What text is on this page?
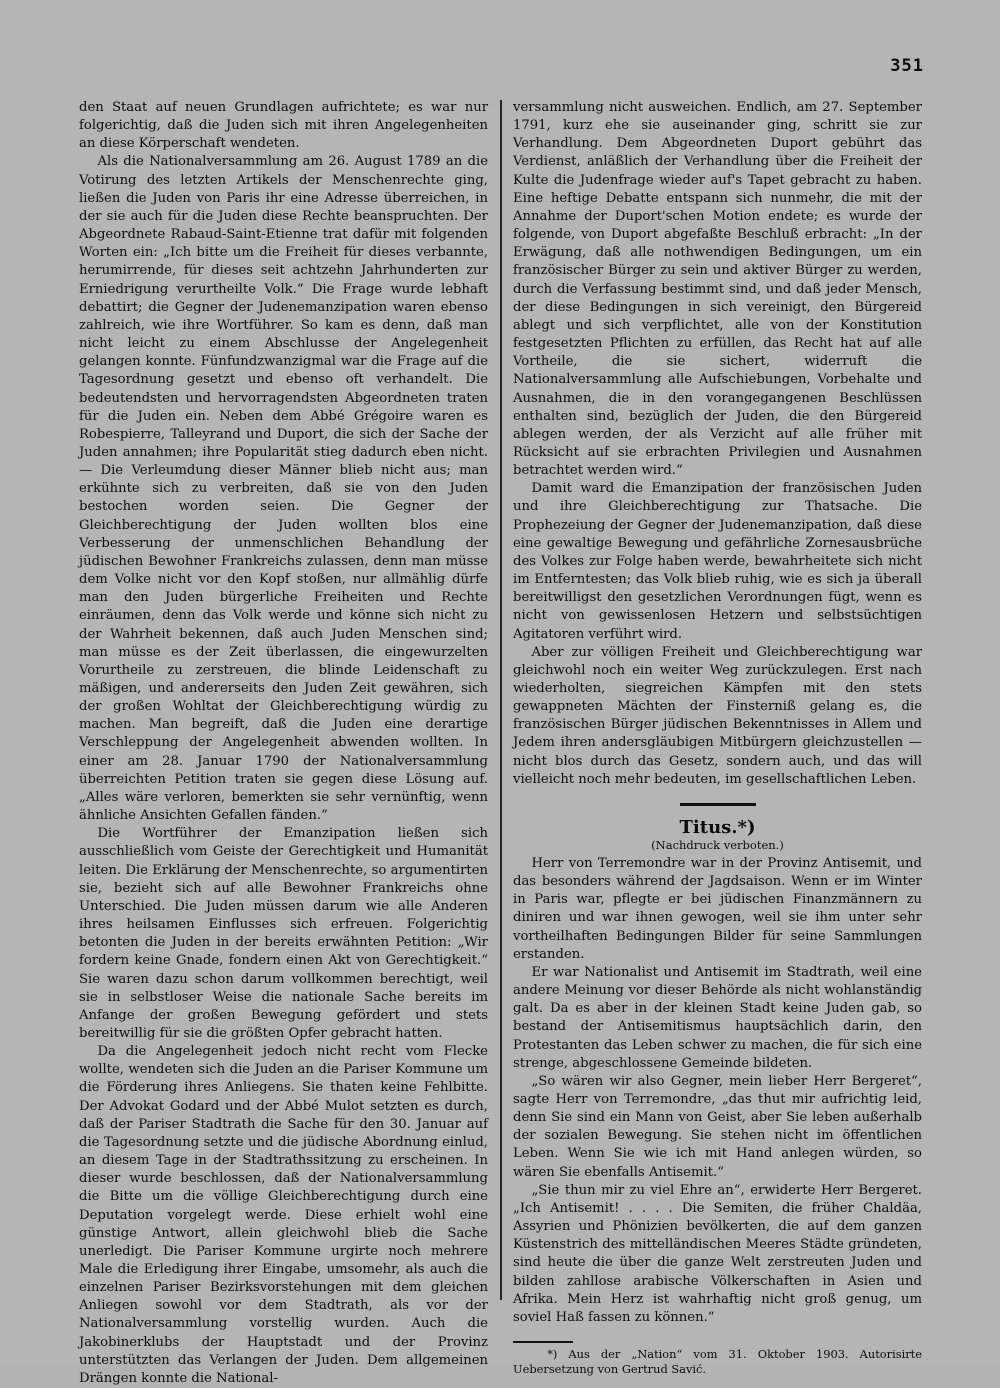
351

den Staat auf neuen Grundlagen aufrichtete; es war nur folgerichtig, daß die Juden sich mit ihren Angelegenheiten an diese Körperschaft wendeten.

Als die Nationalversammlung am 26. August 1789 an die Votirung des letzten Artikels der Menschenrechte ging, ließen die Juden von Paris ihr eine Adresse überreichen, in der sie auch für die Juden diese Rechte beanspruchten. Der Abgeordnete Rabaud-Saint-Etienne trat dafür mit folgenden Worten ein: „Ich bitte um die Freiheit für dieses verbannte, herumirrende, für dieses seit achtzehn Jahrhunderten zur Erniedrigung verurtheilte Volk.“ Die Frage wurde lebhaft debattirt; die Gegner der Judenemanzipation waren ebenso zahlreich, wie ihre Wortführer. So kam es denn, daß man nicht leicht zu einem Abschlusse der Angelegenheit gelangen konnte. Fünfundzwanzigmal war die Frage auf die Tagesordnung gesetzt und ebenso oft verhandelt. Die bedeutendsten und hervorragendsten Abgeordneten traten für die Juden ein. Neben dem Abbé Grégoire waren es Robespierre, Talleyrand und Duport, die sich der Sache der Juden annahmen; ihre Popularität stieg dadurch eben nicht. — Die Verleumdung dieser Männer blieb nicht aus; man erkühnte sich zu verbreiten, daß sie von den Juden bestochen worden seien. Die Gegner der Gleichberechtigung der Juden wollten blos eine Verbesserung der unmenschlichen Behandlung der jüdischen Bewohner Frankreichs zulassen, denn man müsse dem Volke nicht vor den Kopf stoßen, nur allmählig dürfe man den Juden bürgerliche Freiheiten und Rechte einräumen, denn das Volk werde und könne sich nicht zu der Wahrheit bekennen, daß auch Juden Menschen sind; man müsse es der Zeit überlassen, die eingewurzelten Vorurtheile zu zerstreuen, die blinde Leidenschaft zu mäßigen, und andererseits den Juden Zeit gewähren, sich der großen Wohltat der Gleichberechtigung würdig zu machen. Man begreift, daß die Juden eine derartige Verschleppung der Angelegenheit abwenden wollten. In einer am 28. Januar 1790 der Nationalversammlung überreichten Petition traten sie gegen diese Lösung auf. „Alles wäre verloren, bemerkten sie sehr vernünftig, wenn ähnliche Ansichten Gefallen fänden.“

Die Wortführer der Emanzipation ließen sich ausschließlich vom Geiste der Gerechtigkeit und Humanität leiten. Die Erklärung der Menschenrechte, so argumentirten sie, bezieht sich auf alle Bewohner Frankreichs ohne Unterschied. Die Juden müssen darum wie alle Anderen ihres heilsamen Einflusses sich erfreuen. Folgerichtig betonten die Juden in der bereits erwähnten Petition: „Wir fordern keine Gnade, fondern einen Akt von Gerechtigkeit.“ Sie waren dazu schon darum vollkommen berechtigt, weil sie in selbstloser Weise die nationale Sache bereits im Anfange der großen Bewegung gefördert und stets bereitwillig für sie die größten Opfer gebracht hatten.

Da die Angelegenheit jedoch nicht recht vom Flecke wollte, wendeten sich die Juden an die Pariser Kommune um die Förderung ihres Anliegens. Sie thaten keine Fehlbitte. Der Advokat Godard und der Abbé Mulot setzten es durch, daß der Pariser Stadtrath die Sache für den 30. Januar auf die Tagesordnung setzte und die jüdische Abordnung einlud, an diesem Tage in der Stadtrathssitzung zu erscheinen. In dieser wurde beschlossen, daß der Nationalversammlung die Bitte um die völlige Gleichberechtigung durch eine Deputation vorgelegt werde. Diese erhielt wohl eine günstige Antwort, allein gleichwohl blieb die Sache unerledigt. Die Pariser Kommune urgirte noch mehrere Male die Erledigung ihrer Eingabe, umsomehr, als auch die einzelnen Pariser Bezirksvorstehungen mit dem gleichen Anliegen sowohl vor dem Stadtrath, als vor der Nationalversammlung vorstellig wurden. Auch die Jakobinerklubs der Hauptstadt und der Provinz unterstützten das Verlangen der Juden. Dem allgemeinen Drängen konnte die National-

versammlung nicht ausweichen. Endlich, am 27. September 1791, kurz ehe sie auseinander ging, schritt sie zur Verhandlung. Dem Abgeordneten Duport gebührt das Verdienst, anläßlich der Verhandlung über die Freiheit der Kulte die Judenfrage wieder auf's Tapet gebracht zu haben. Eine heftige Debatte entspann sich nunmehr, die mit der Annahme der Duport'schen Motion endete; es wurde der folgende, von Duport abgefaßte Beschluß erbracht: „In der Erwägung, daß alle nothwendigen Bedingungen, um ein französischer Bürger zu sein und aktiver Bürger zu werden, durch die Verfassung bestimmt sind, und daß jeder Mensch, der diese Bedingungen in sich vereinigt, den Bürgereid ablegt und sich verpflichtet, alle von der Konstitution festgesetzten Pflichten zu erfüllen, das Recht hat auf alle Vortheile, die sie sichert, widerruft die Nationalversammlung alle Aufschiebungen, Vorbehalte und Ausnahmen, die in den vorangegangenen Beschlüssen enthalten sind, bezüglich der Juden, die den Bürgereid ablegen werden, der als Verzicht auf alle früher mit Rücksicht auf sie erbrachten Privilegien und Ausnahmen betrachtet werden wird.“

Damit ward die Emanzipation der französischen Juden und ihre Gleichberechtigung zur Thatsache. Die Prophezeiung der Gegner der Judenemanzipation, daß diese eine gewaltige Bewegung und gefährliche Zornesausbrüche des Volkes zur Folge haben werde, bewahrheitete sich nicht im Entferntesten; das Volk blieb ruhig, wie es sich ja überall bereitwilligst den gesetzlichen Verordnungen fügt, wenn es nicht von gewissenlosen Hetzern und selbstsüchtigen Agitatoren verführt wird.

Aber zur völligen Freiheit und Gleichberechtigung war gleichwohl noch ein weiter Weg zurückzulegen. Erst nach wiederholten, siegreichen Kämpfen mit den stets gewappneten Mächten der Finsterniß gelang es, die französischen Bürger jüdischen Bekenntnisses in Allem und Jedem ihren andersgläubigen Mitbürgern gleichzustellen — nicht blos durch das Gesetz, sondern auch, und das will vielleicht noch mehr bedeuten, im gesellschaftlichen Leben.

Titus.*)
(Nachdruck verboten.)

Herr von Terremondre war in der Provinz Antisemit, und das besonders während der Jagdsaison. Wenn er im Winter in Paris war, pflegte er bei jüdischen Finanzmännern zu diniren und war ihnen gewogen, weil sie ihm unter sehr vortheilhaften Bedingungen Bilder für seine Sammlungen erstanden.

Er war Nationalist und Antisemit im Stadtrath, weil eine andere Meinung vor dieser Behörde als nicht wohlanständig galt. Da es aber in der kleinen Stadt keine Juden gab, so bestand der Antisemitismus hauptsächlich darin, den Protestanten das Leben schwer zu machen, die für sich eine strenge, abgeschlossene Gemeinde bildeten.

„So wären wir also Gegner, mein lieber Herr Bergeret“, sagte Herr von Terremondre, „das thut mir aufrichtig leid, denn Sie sind ein Mann von Geist, aber Sie leben außerhalb der sozialen Bewegung. Sie stehen nicht im öffentlichen Leben. Wenn Sie wie ich mit Hand anlegen würden, so wären Sie ebenfalls Antisemit.“

„Sie thun mir zu viel Ehre an“, erwiderte Herr Bergeret. „Ich Antisemit! . . . . Die Semiten, die früher Chaldäa, Assyrien und Phönizien bevölkerten, die auf dem ganzen Küstenstrich des mittelländischen Meeres Städte gründeten, sind heute die über die ganze Welt zerstreuten Juden und bilden zahllose arabische Völkerschaften in Asien und Afrika. Mein Herz ist wahrhaftig nicht groß genug, um soviel Haß fassen zu können.“

*) Aus der „Nation“ vom 31. Oktober 1903. Autorisirte Uebersetzung von Gertrud Savić.
